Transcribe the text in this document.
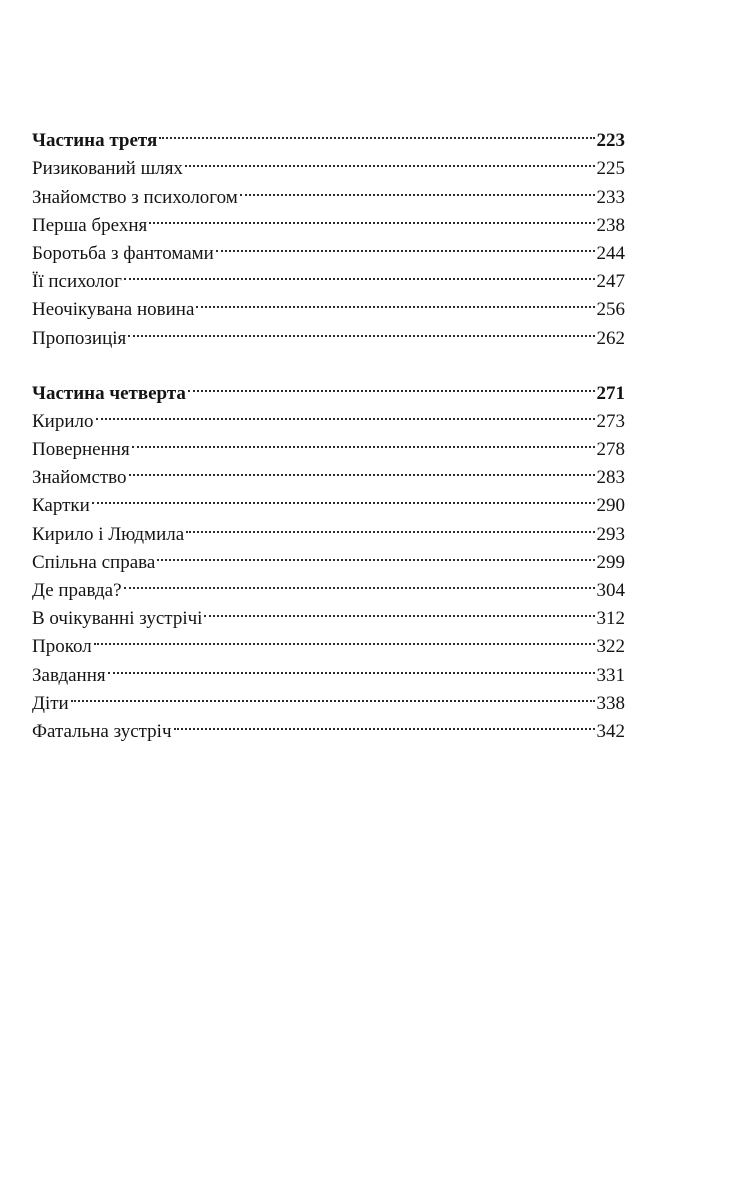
Частина третя	223
Ризикований шлях	225
Знайомство з психологом	233
Перша брехня	238
Боротьба з фантомами	244
Її психолог	247
Неочікувана новина	256
Пропозиція	262
Частина четверта	271
Кирило	273
Повернення	278
Знайомство	283
Картки	290
Кирило і Людмила	293
Спільна справа	299
Де правда?	304
В очікуванні зустрічі	312
Прокол	322
Завдання	331
Діти	338
Фатальна зустріч	342
